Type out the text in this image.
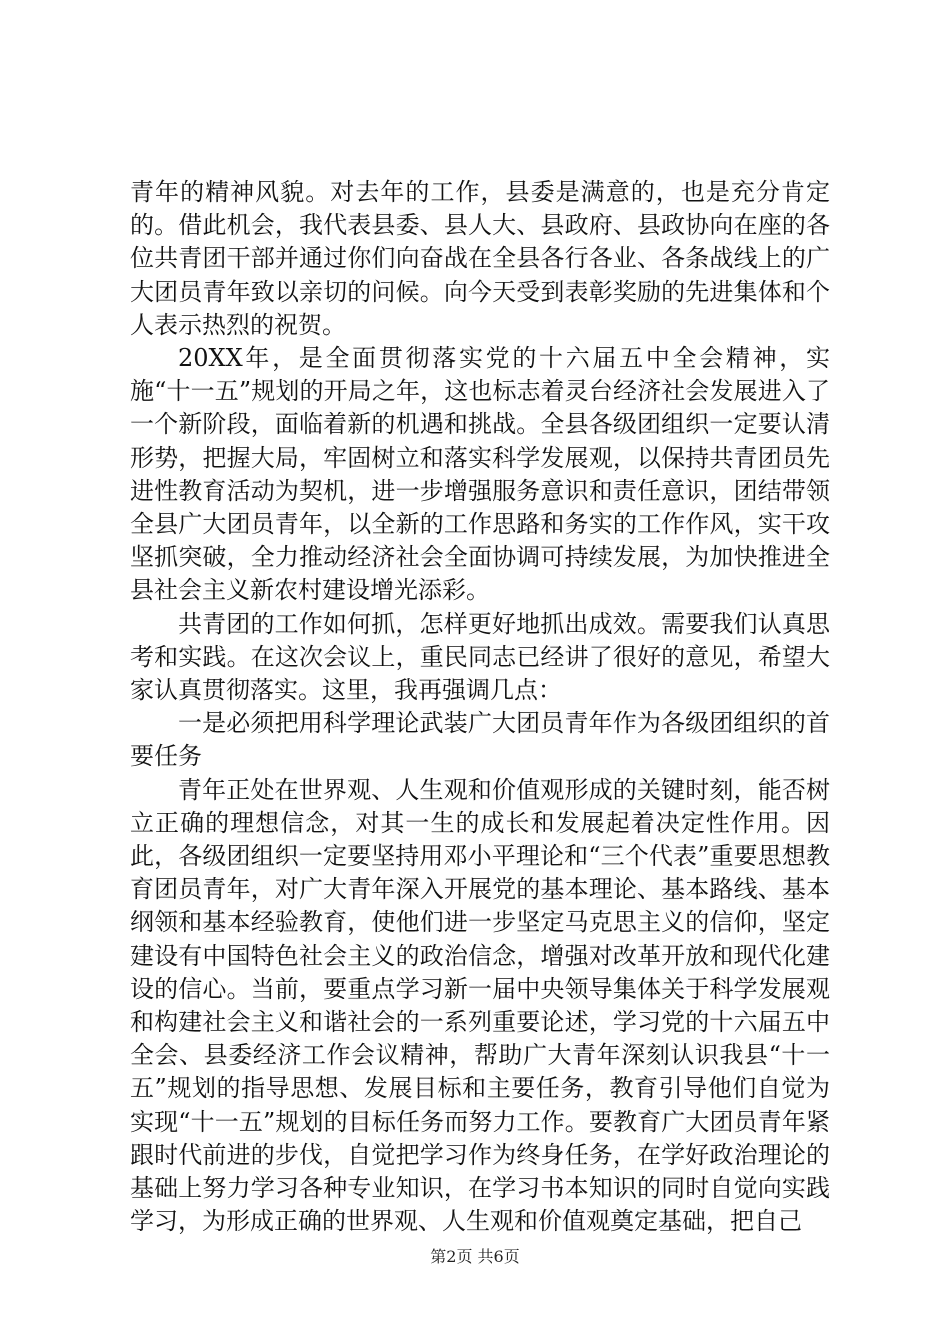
青年的精神风貌。对去年的工作，县委是满意的，也是充分肯定的。借此机会，我代表县委、县人大、县政府、县政协向在座的各位共青团干部并通过你们向奋战在全县各行各业、各条战线上的广大团员青年致以亲切的问候。向今天受到表彰奖励的先进集体和个人表示热烈的祝贺。

20XX年，是全面贯彻落实党的十六届五中全会精神，实施“十一五”规划的开局之年，这也标志着灵台经济社会发展进入了一个新阶段，面临着新的机遇和挑战。全县各级团组织一定要认清形势，把握大局，牢固树立和落实科学发展观，以保持共青团员先进性教育活动为契机，进一步增强服务意识和责任意识，团结带领全县广大团员青年，以全新的工作思路和务实的工作作风，实干攻坚抓突破，全力推动经济社会全面协调可持续发展，为加快推进全县社会主义新农村建设增光添彩。

共青团的工作如何抓，怎样更好地抓出成效。需要我们认真思考和实践。在这次会议上，重民同志已经讲了很好的意见，希望大家认真贯彻落实。这里，我再强调几点：

一是必须把用科学理论武装广大团员青年作为各级团组织的首要任务

青年正处在世界观、人生观和价值观形成的关键时刻，能否树立正确的理想信念，对其一生的成长和发展起着决定性作用。因此，各级团组织一定要坚持用邓小平理论和“三个代表”重要思想教育团员青年，对广大青年深入开展党的基本理论、基本路线、基本纲领和基本经验教育，使他们进一步坚定马克思主义的信仰，坚定建设有中国特色社会主义的政治信念，增强对改革开放和现代化建设的信心。当前，要重点学习新一届中央领导集体关于科学发展观和构建社会主义和谐社会的一系列重要论述，学习党的十六届五中全会、县委经济工作会议精神，帮助广大青年深刻认识我县“十一五”规划的指导思想、发展目标和主要任务，教育引导他们自觉为实现“十一五”规划的目标任务而努力工作。要教育广大团员青年紧跟时代前进的步伐，自觉把学习作为终身任务，在学好政治理论的基础上努力学习各种专业知识，在学习书本知识的同时自觉向实践学习，为形成正确的世界观、人生观和价值观奠定基础，把自己

第2页 共6页
